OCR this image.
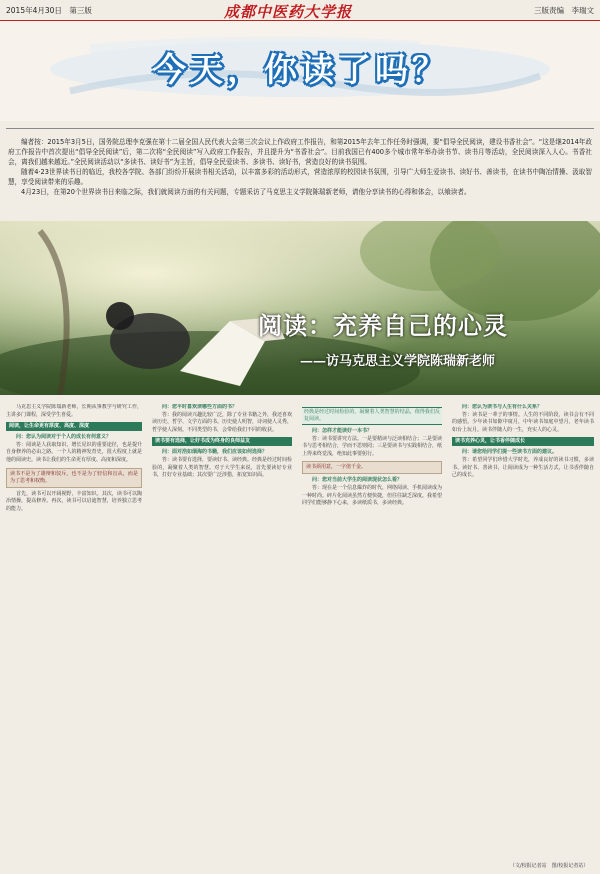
2015年4月30日　第三版	成都中医药大学报	三版责编　李瑞文
今天，你读了吗？

编者按：2015年3月5日，国务院总理李克强在第十二届全国人民代表大会第三次会议上作政府工作报告，和第2015年去年工作任务时强调，要“倡导全民阅读，建设书香社会”。“这是继2014年政府工作报告中首次提出“倡导全民阅读”后，第二次将“全民阅读”写入政府工作报告，并且提升为“书香社会”。目前我国已有400多个城市常年举办读书节、读书月等活动，全民阅读深入人心。书香社会，离我们越来越近。”全民阅读活动以“多读书、读好书”为主旨，倡导全民爱读书、多读书、读好书，营造良好的读书氛围。

随着4·23世界读书日的临近，我校各学院、各部门纷纷开展读书相关活动，以丰富多彩的活动形式，营造浓厚的校园读书氛围，引导广大师生爱读书、读好书、善读书，在读书中陶冶情操、汲取智慧，享受阅读带来的乐趣。

4月23日，在第20个世界读书日来临之际，我们就阅读方面的有关问题，专题采访了马克思主义学院陈瑞新老师，请他分享读书的心得和体会，以飨读者。

阅读：充养自己的心灵
——访马克思主义学院陈瑞新老师

马克思主义学院陈瑞新老师，长期从事教学与研究工作，主讲多门课程，深受学生喜爱。

阅读，让生命更有厚度、高度、深度

问：您认为阅读对于个人的成长有何意义？

答：阅读是人获取知识、增长见识的重要途径，也是提升自身修养的必由之路。一个人的精神发育史，很大程度上就是他的阅读史。读书让我们的生命更有厚度、高度和深度。

读书不是为了雄辩和驳斥，也不是为了轻信和盲从，而是为了思考和权衡。

首先，读书可以开阔视野，丰富知识。其次，读书可以陶冶情操，提高修养。再次，读书可以启迪智慧，培养独立思考的能力。

问：您平时喜欢读哪些方面的书？

答：我的阅读兴趣比较广泛，除了专业书籍之外，我还喜欢读历史、哲学、文学方面的书。历史使人明智，诗词使人灵秀，哲学使人深刻。不同类型的书，会带给我们不同的收获。

读书要有选择，让好书成为终身的良师益友

问：面对浩如烟海的书籍，我们应该如何选择？

答：读书要有选择，要读好书、读经典。经典是经过时间检验的，凝聚着人类的智慧。对于大学生来说，首先要读好专业书，打好专业基础；其次要广泛涉猎，拓宽知识面。

经典是经过时间检验的，凝聚着人类智慧的结晶，值得我们反复阅读。

问：怎样才能读好一本书？

答：读书要讲究方法。一是要精读与泛读相结合；二是要读书与思考相结合，学而不思则罔；三是要读书与实践相结合，纸上得来终觉浅，绝知此事要躬行。

读书须用意，一字值千金。

问：您对当前大学生的阅读现状怎么看？

答：现在是一个信息爆炸的时代，网络阅读、手机阅读成为一种时尚。碎片化阅读虽然方便快捷，但往往缺乏深度。我希望同学们能够静下心来，多读纸质书，多读经典。

问：您认为读书与人生有什么关系？

答：读书是一辈子的事情。人生的不同阶段，读书会有不同的感悟。少年读书如隙中窥月，中年读书如庭中望月，老年读书如台上玩月。读书伴随人的一生，充实人的心灵。

读书充养心灵，让书香伴随成长

问：请您给同学们提一些读书方面的建议。

答：希望同学们珍惜大学时光，养成良好的读书习惯，多读书、读好书、善读书，让阅读成为一种生活方式，让书香伴随自己的成长。

（文/校报记者站　图/校报记者站）
